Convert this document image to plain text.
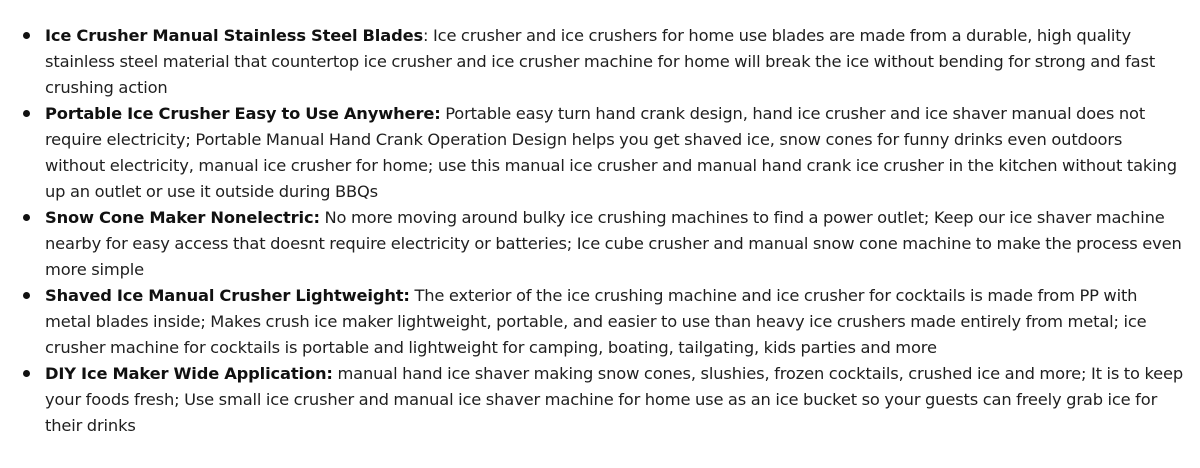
Ice Crusher Manual Stainless Steel Blades: Ice crusher and ice crushers for home use blades are made from a durable, high quality stainless steel material that countertop ice crusher and ice crusher machine for home will break the ice without bending for strong and fast crushing action
Portable Ice Crusher Easy to Use Anywhere: Portable easy turn hand crank design, hand ice crusher and ice shaver manual does not require electricity; Portable Manual Hand Crank Operation Design helps you get shaved ice, snow cones for funny drinks even outdoors without electricity, manual ice crusher for home; use this manual ice crusher and manual hand crank ice crusher in the kitchen without taking up an outlet or use it outside during BBQs
Snow Cone Maker Nonelectric: No more moving around bulky ice crushing machines to find a power outlet; Keep our ice shaver machine nearby for easy access that doesnt require electricity or batteries; Ice cube crusher and manual snow cone machine to make the process even more simple
Shaved Ice Manual Crusher Lightweight: The exterior of the ice crushing machine and ice crusher for cocktails is made from PP with metal blades inside; Makes crush ice maker lightweight, portable, and easier to use than heavy ice crushers made entirely from metal; ice crusher machine for cocktails is portable and lightweight for camping, boating, tailgating, kids parties and more
DIY Ice Maker Wide Application: manual hand ice shaver making snow cones, slushies, frozen cocktails, crushed ice and more; It is to keep your foods fresh; Use small ice crusher and manual ice shaver machine for home use as an ice bucket so your guests can freely grab ice for their drinks
